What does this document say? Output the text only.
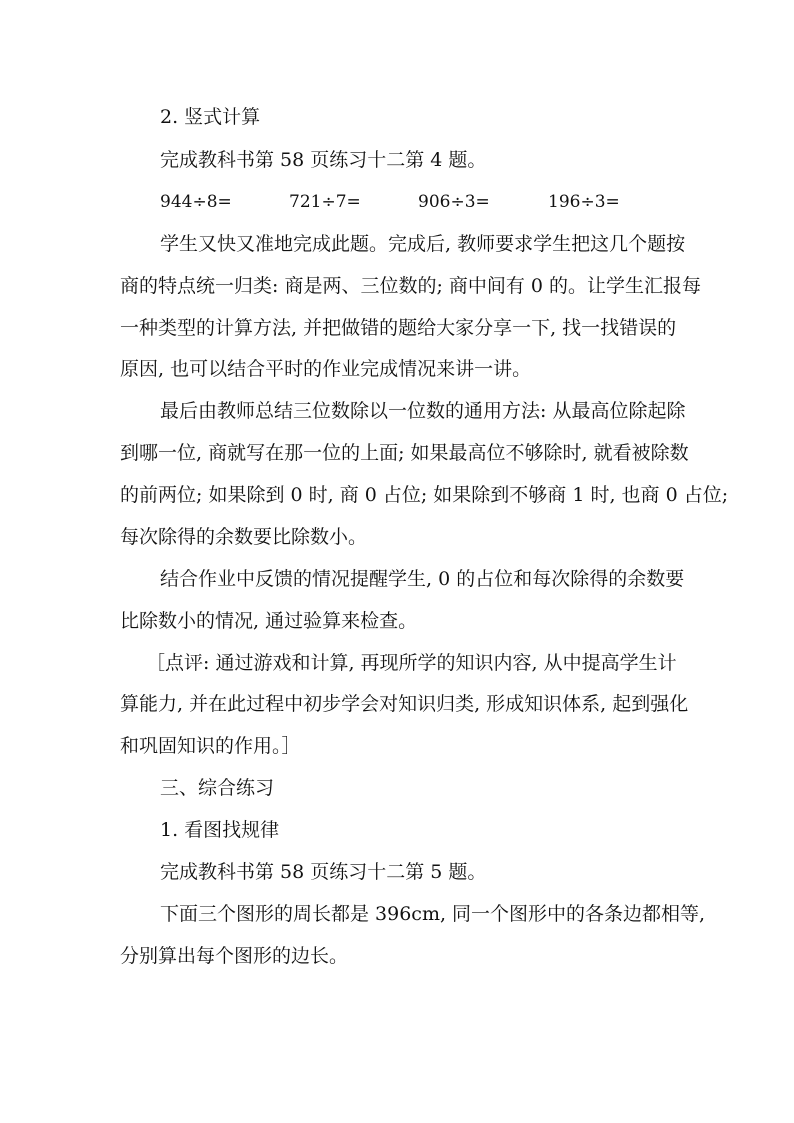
2. 竖式计算
完成教科书第 58 页练习十二第 4 题。
944÷8=	721÷7=	906÷3=	196÷3=
学生又快又准地完成此题。完成后, 教师要求学生把这几个题按
商的特点统一归类: 商是两、三位数的; 商中间有 0 的。让学生汇报每
一种类型的计算方法, 并把做错的题给大家分享一下, 找一找错误的
原因, 也可以结合平时的作业完成情况来讲一讲。
最后由教师总结三位数除以一位数的通用方法: 从最高位除起除
到哪一位, 商就写在那一位的上面; 如果最高位不够除时, 就看被除数
的前两位; 如果除到 0 时, 商 0 占位; 如果除到不够商 1 时, 也商 0 占位;
每次除得的余数要比除数小。
结合作业中反馈的情况提醒学生, 0 的占位和每次除得的余数要
比除数小的情况, 通过验算来检查。
［点评: 通过游戏和计算, 再现所学的知识内容, 从中提高学生计
算能力, 并在此过程中初步学会对知识归类, 形成知识体系, 起到强化
和巩固知识的作用。］
三、综合练习
1. 看图找规律
完成教科书第 58 页练习十二第 5 题。
下面三个图形的周长都是 396cm, 同一个图形中的各条边都相等,
分别算出每个图形的边长。
